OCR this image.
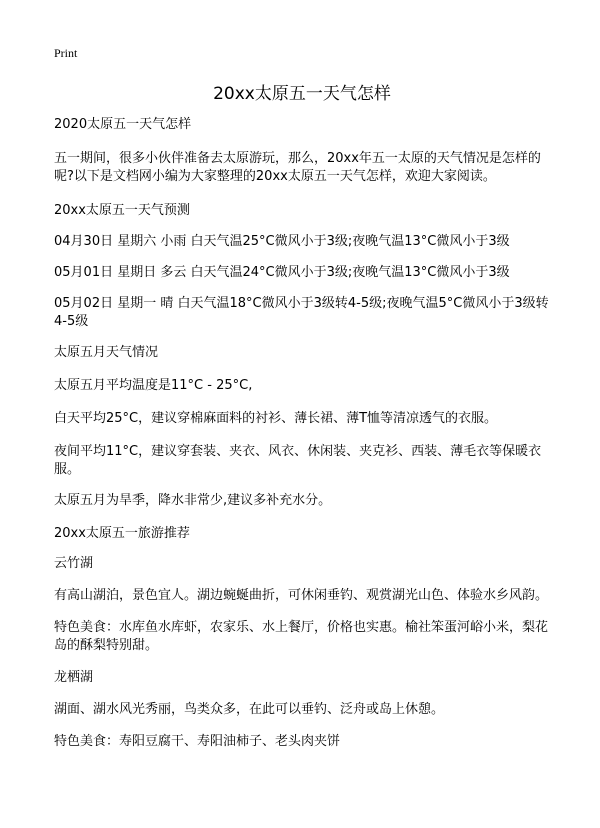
Print

20xx太原五一天气怎样

2020太原五一天气怎样

五一期间，很多小伙伴准备去太原游玩，那么，20xx年五一太原的天气情况是怎样的呢?以下是文档网小编为大家整理的20xx太原五一天气怎样，欢迎大家阅读。

20xx太原五一天气预测

04月30日 星期六 小雨 白天气温25°C微风小于3级;夜晚气温13°C微风小于3级

05月01日 星期日 多云 白天气温24°C微风小于3级;夜晚气温13°C微风小于3级

05月02日 星期一 晴 白天气温18°C微风小于3级转4-5级;夜晚气温5°C微风小于3级转4-5级

太原五月天气情况

太原五月平均温度是11°C - 25°C,

白天平均25°C，建议穿棉麻面料的衬衫、薄长裙、薄T恤等清凉透气的衣服。

夜间平均11°C，建议穿套装、夹衣、风衣、休闲装、夹克衫、西装、薄毛衣等保暖衣服。

太原五月为旱季，降水非常少,建议多补充水分。

20xx太原五一旅游推荐

云竹湖

有高山湖泊，景色宜人。湖边蜿蜒曲折，可休闲垂钓、观赏湖光山色、体验水乡风韵。

特色美食：水库鱼水库虾，农家乐、水上餐厅，价格也实惠。榆社笨蛋河峪小米，梨花岛的酥梨特别甜。

龙栖湖

湖面、湖水风光秀丽，鸟类众多，在此可以垂钓、泛舟或岛上休憩。

特色美食：寿阳豆腐干、寿阳油柿子、老头肉夹饼
